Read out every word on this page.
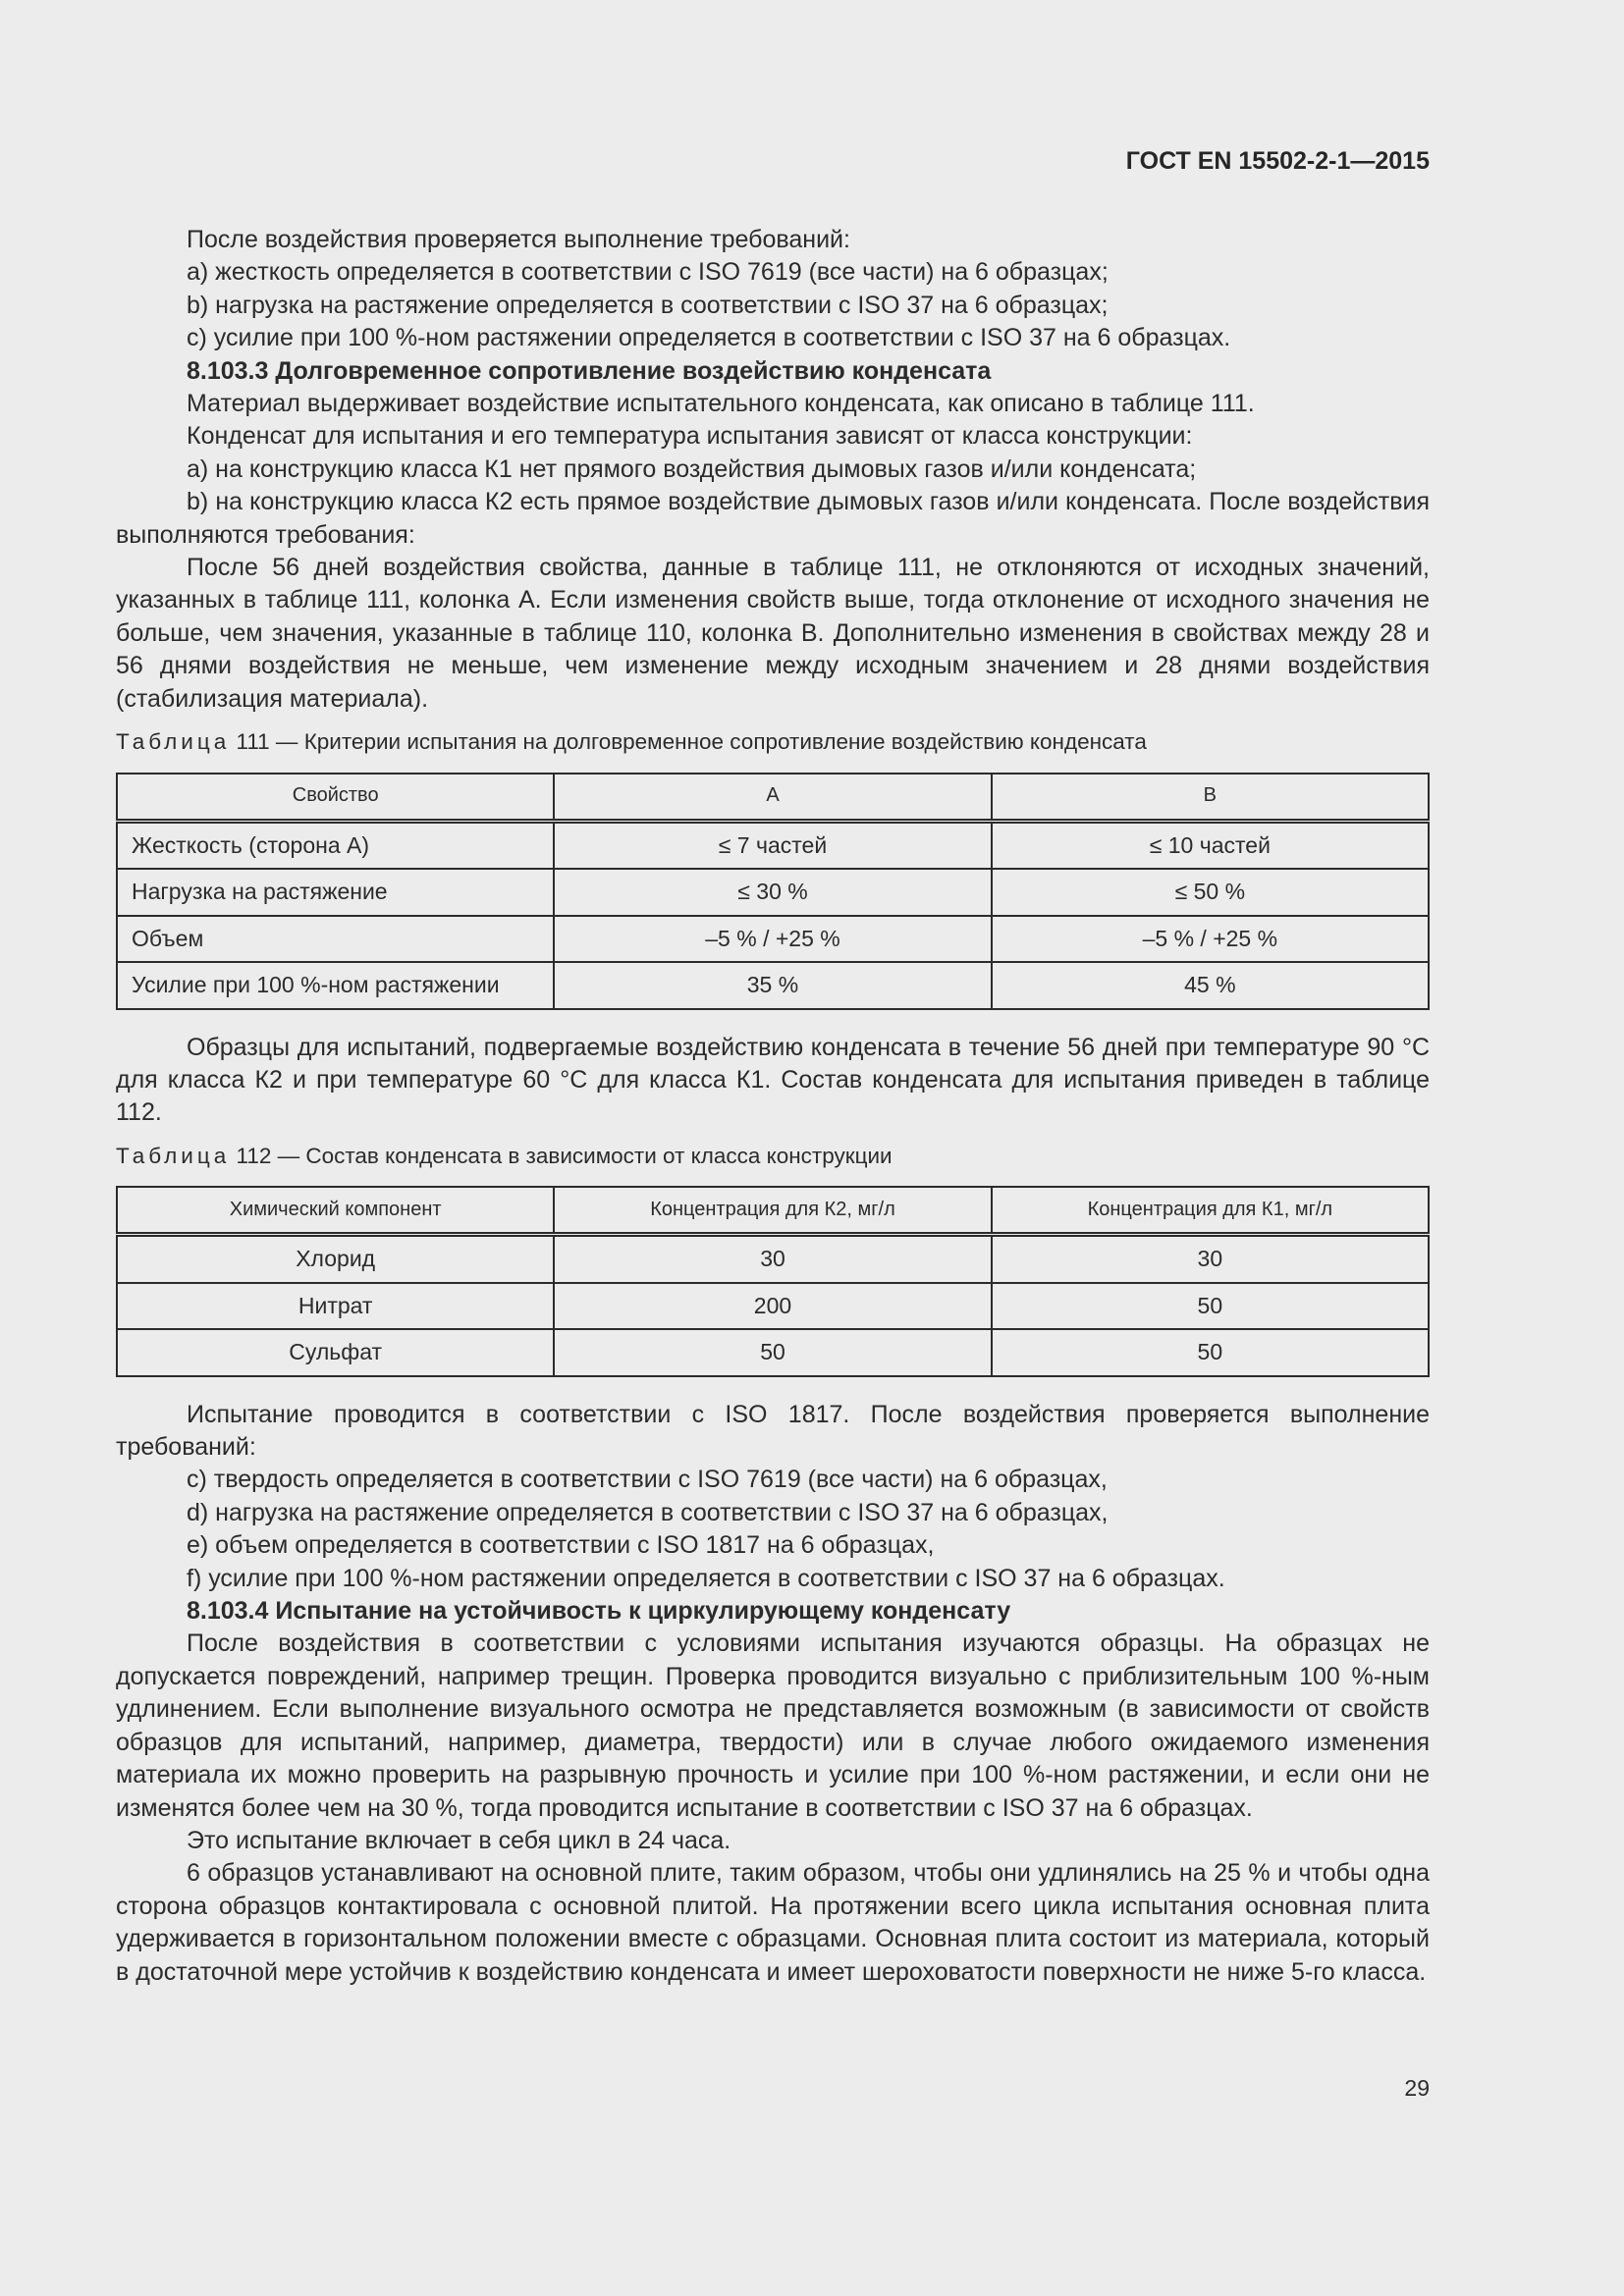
ГОСТ EN 15502-2-1—2015

После воздействия проверяется выполнение требований:

a) жесткость определяется в соответствии с ISO 7619 (все части) на 6 образцах;

b) нагрузка на растяжение определяется в соответствии с ISO 37 на 6 образцах;

c) усилие при 100 %-ном растяжении определяется в соответствии с ISO 37 на 6 образцах.

8.103.3 Долговременное сопротивление воздействию конденсата

Материал выдерживает воздействие испытательного конденсата, как описано в таблице 111.

Конденсат для испытания и его температура испытания зависят от класса конструкции:

a) на конструкцию класса К1 нет прямого воздействия дымовых газов и/или конденсата;

b) на конструкцию класса К2 есть прямое воздействие дымовых газов и/или конденсата. После воздействия выполняются требования:

После 56 дней воздействия свойства, данные в таблице 111, не отклоняются от исходных значений, указанных в таблице 111, колонка А. Если изменения свойств выше, тогда отклонение от исходного значения не больше, чем значения, указанные в таблице 110, колонка В. Дополнительно изменения в свойствах между 28 и 56 днями воздействия не меньше, чем изменение между исходным значением и 28 днями воздействия (стабилизация материала).

Таблица 111 — Критерии испытания на долговременное сопротивление воздействию конденсата

Свойство	А	В
Жесткость (сторона А)	≤ 7 частей	≤ 10 частей
Нагрузка на растяжение	≤ 30 %	≤ 50 %
Объем	–5 % / +25 %	–5 % / +25 %
Усилие при 100 %-ном растяжении	35 %	45 %

Образцы для испытаний, подвергаемые воздействию конденсата в течение 56 дней при температуре 90 °С для класса К2 и при температуре 60 °С для класса К1. Состав конденсата для испытания приведен в таблице 112.

Таблица 112 — Состав конденсата в зависимости от класса конструкции

Химический компонент	Концентрация для К2, мг/л	Концентрация для К1, мг/л
Хлорид	30	30
Нитрат	200	50
Сульфат	50	50

Испытание проводится в соответствии с ISO 1817. После воздействия проверяется выполнение требований:

c) твердость определяется в соответствии с ISO 7619 (все части) на 6 образцах,

d) нагрузка на растяжение определяется в соответствии с ISO 37 на 6 образцах,

e) объем определяется в соответствии с ISO 1817 на 6 образцах,

f) усилие при 100 %-ном растяжении определяется в соответствии с ISO 37 на 6 образцах.

8.103.4 Испытание на устойчивость к циркулирующему конденсату

После воздействия в соответствии с условиями испытания изучаются образцы. На образцах не допускается повреждений, например трещин. Проверка проводится визуально с приблизительным 100 %-ным удлинением. Если выполнение визуального осмотра не представляется возможным (в зависимости от свойств образцов для испытаний, например, диаметра, твердости) или в случае любого ожидаемого изменения материала их можно проверить на разрывную прочность и усилие при 100 %-ном растяжении, и если они не изменятся более чем на 30 %, тогда проводится испытание в соответствии с ISO 37 на 6 образцах.

Это испытание включает в себя цикл в 24 часа.

6 образцов устанавливают на основной плите, таким образом, чтобы они удлинялись на 25 % и чтобы одна сторона образцов контактировала с основной плитой. На протяжении всего цикла испытания основная плита удерживается в горизонтальном положении вместе с образцами. Основная плита состоит из материала, который в достаточной мере устойчив к воздействию конденсата и имеет шероховатости поверхности не ниже 5-го класса.

29
